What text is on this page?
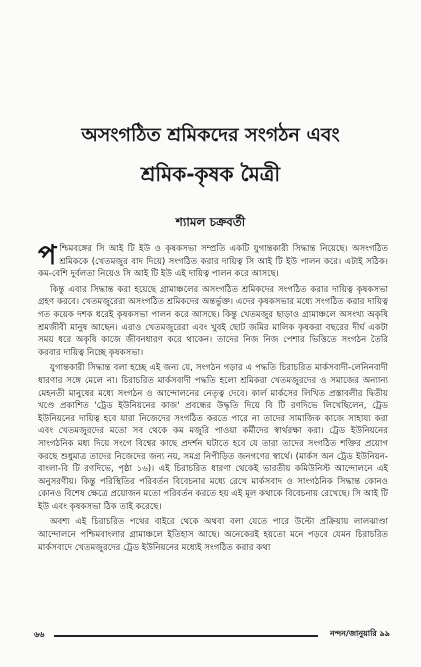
অসংগঠিত শ্রমিকদের সংগঠন এবং
শ্রমিক-কৃষক মৈত্রী
শ্যামল চক্রবর্তী

পশ্চিমবঙ্গের সি আই টি ইউ ও কৃষকসভা সম্প্রতি একটি যুগান্তকারী সিদ্ধান্ত নিয়েছে। অসংগঠিত শ্রমিককে (খেতমজুর বাদ দিয়ে) সংগঠিত করার দায়িত্ব সি আই টি ইউ পালন করে। এটাই সঠিক। কম-বেশি দুর্বলতা নিয়েও সি আই টি ইউ এই দায়িত্ব পালন করে আসছে।

কিন্তু এবার সিদ্ধান্ত করা হয়েছে গ্রামাঞ্চলের অসংগঠিত শ্রমিকদের সংগঠিত করার দায়িত্ব কৃষকসভা গ্রহণ করবে। খেতমজুরেরা অসংগঠিত শ্রমিকদের অন্তর্ভুক্ত। এদের কৃষকসভার মধ্যে সংগঠিত করার দায়িত্ব গত কয়েক দশক ধরেই কৃষকসভা পালন করে আসছে। কিন্তু খেতমজুর ছাড়াও গ্রামাঞ্চলে অসংখ্য অকৃষি শ্রমজীবী মানুষ আছেন। এরাও খেতমজুরেরা এবং খুবই ছোট জমির মালিক কৃষকরা বছরের দীর্ঘ একটা সময় ধরে অকৃষি কাজে জীবনধারণ করে থাকেন। তাদের নিজ নিজ পেশার ভিত্তিতে সংগঠন তৈরি করবার দায়িত্ব নিচ্ছে কৃষকসভা।

যুগান্তকারী সিদ্ধান্ত বলা হচ্ছে এই জন্য যে, সংগঠন গড়ার এ পদ্ধতি চিরাচরিত মার্কসবাদী-লেনিনবাদী ধারণার সঙ্গে মেলে না। চিরাচরিত মার্কসবাদী পদ্ধতি হলো শ্রমিকরা খেতমজুরদের ও সমাজের অন্যান্য মেহনতী মানুষের মধ্যে সংগঠন ও আন্দোলনের নেতৃত্ব দেবে। কার্ল মার্কসের লিখিত প্রস্তাবলীর দ্বিতীয় খণ্ডে প্রকাশিত 'ট্রেড ইউনিয়নের কাজ' প্রবন্ধের উদ্ধৃতি দিয়ে বি টি রণদিভে লিখেছিলেন, ট্রেড ইউনিয়নের দায়িত্ব হবে যারা নিজেদের সংগঠিত করতে পারে না তাদের সামাজিক কাজে সাহায্য করা এবং খেতমজুরদের মতো সব থেকে কম মজুরি পাওয়া কর্মীদের স্বার্থরক্ষা করা। ট্রেড ইউনিয়নের সাংগঠনিক মধ্য দিয়ে সংগে বিশ্বের কাছে প্রদর্শন ঘটাতে হবে যে তারা তাদের সংগঠিত শক্তির প্রয়োগ করছে শুধুমাত্র তাদের নিজেদের জন্য নয়, সমগ্র নিপীড়িত জনগণের স্বার্থে। (মার্কস অন ট্রেড ইউনিয়ন-বাংলা-বি টি রণদিভে, পৃষ্ঠা ১৬)। এই চিরাচরিত ধারণা থেকেই ভারতীয় কমিউনিস্ট আন্দোলনে এই অনুসরণীয়। কিন্তু পরিস্থিতির পরিবর্তন বিবেচনার মধ্যে রেখে মার্কসবাদ ও সাংগঠনিক সিদ্ধান্ত কোনও কোনও বিশেষ ক্ষেত্রে প্রয়োজন মতো পরিবর্তন করতে হয় এই মূল কথাকে বিবেচনায় রেখেছে। সি আই টি ইউ এবং কৃষকসভা ঠিক তাই করেছে।

অবশ্য এই চিরাচরিত পথের বাইরে থেকে অথবা বলা যেতে পারে উল্টো প্রক্রিয়ায় লালঝাণ্ডা আন্দোলনে পশ্চিমবাংলার গ্রামাঞ্চলে ইতিহাস আছে। অনেকেরই হয়তো মনে পড়বে যেমন চিরাচরিত মার্কসবাদে খেতমজুরদের ট্রেড ইউনিয়নের মধ্যেই সংগঠিত করার কথা

৬৬	নন্দন/জানুয়ারি ৯৯
